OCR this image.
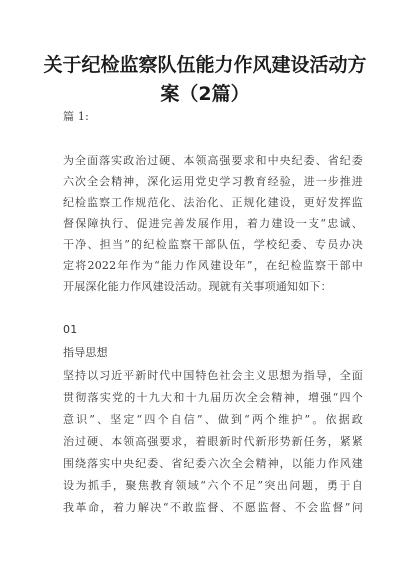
关于纪检监察队伍能力作风建设活动方
案（2篇）
篇 1:
为全面落实政治过硬、本领高强要求和中央纪委、省纪委
六次全会精神，深化运用党史学习教育经验，进一步推进
纪检监察工作规范化、法治化、正规化建设，更好发挥监
督保障执行、促进完善发展作用，着力建设一支“忠诚、
干净、担当”的纪检监察干部队伍，学校纪委、专员办决
定将2022年作为“能力作风建设年”，在纪检监察干部中
开展深化能力作风建设活动。现就有关事项通知如下：
01
指导思想
坚持以习近平新时代中国特色社会主义思想为指导，全面
贯彻落实党的十九大和十九届历次全会精神，增强“四个
意识”、坚定“四个自信”、做到“两个维护”。依据政
治过硬、本领高强要求，着眼新时代新形势新任务，紧紧
围绕落实中央纪委、省纪委六次全会精神，以能力作风建
设为抓手，聚焦教育领域“六个不足”突出问题，勇于自
我革命，着力解决“不敢监督、不愿监督、不会监督”问
